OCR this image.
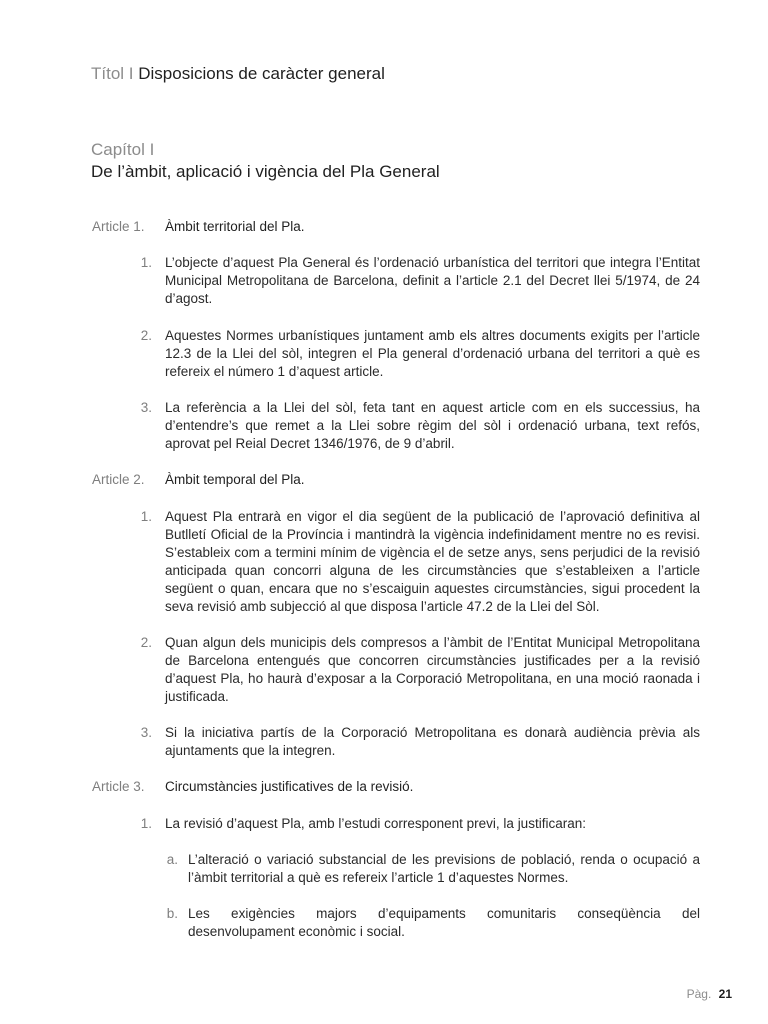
Títol I Disposicions de caràcter general
Capítol I
De l’àmbit, aplicació i vigència del Pla General
Article 1. Àmbit territorial del Pla.
1. L’objecte d’aquest Pla General és l’ordenació urbanística del territori que integra l’Entitat Municipal Metropolitana de Barcelona, definit a l’article 2.1 del Decret llei 5/1974, de 24 d’agost.
2. Aquestes Normes urbanístiques juntament amb els altres documents exigits per l’article 12.3 de la Llei del sòl, integren el Pla general d’ordenació urbana del territori a què es refereix el número 1 d’aquest article.
3. La referència a la Llei del sòl, feta tant en aquest article com en els successius, ha d’entendre’s que remet a la Llei sobre règim del sòl i ordenació urbana, text refós, aprovat pel Reial Decret 1346/1976, de 9 d’abril.
Article 2. Àmbit temporal del Pla.
1. Aquest Pla entrarà en vigor el dia següent de la publicació de l’aprovació definitiva al Butlletí Oficial de la Província i mantindrà la vigència indefinidament mentre no es revisi. S’estableix com a termini mínim de vigència el de setze anys, sens perjudici de la revisió anticipada quan concorri alguna de les circumstàncies que s’estableixen a l’article següent o quan, encara que no s’escaiguin aquestes circumstàncies, sigui procedent la seva revisió amb subjecció al que disposa l’article 47.2 de la Llei del Sòl.
2. Quan algun dels municipis dels compresos a l’àmbit de l’Entitat Municipal Metropolitana de Barcelona entengués que concorren circumstàncies justificades per a la revisió d’aquest Pla, ho haurà d’exposar a la Corporació Metropolitana, en una moció raonada i justificada.
3. Si la iniciativa partís de la Corporació Metropolitana es donarà audiència prèvia als ajuntaments que la integren.
Article 3. Circumstàncies justificatives de la revisió.
1. La revisió d’aquest Pla, amb l’estudi corresponent previ, la justificaran:
a. L’alteració o variació substancial de les previsions de població, renda o ocupació a l’àmbit territorial a què es refereix l’article 1 d’aquestes Normes.
b. Les exigències majors d’equipaments comunitaris conseqüència del desenvolupament econòmic i social.
Pàg. 21
